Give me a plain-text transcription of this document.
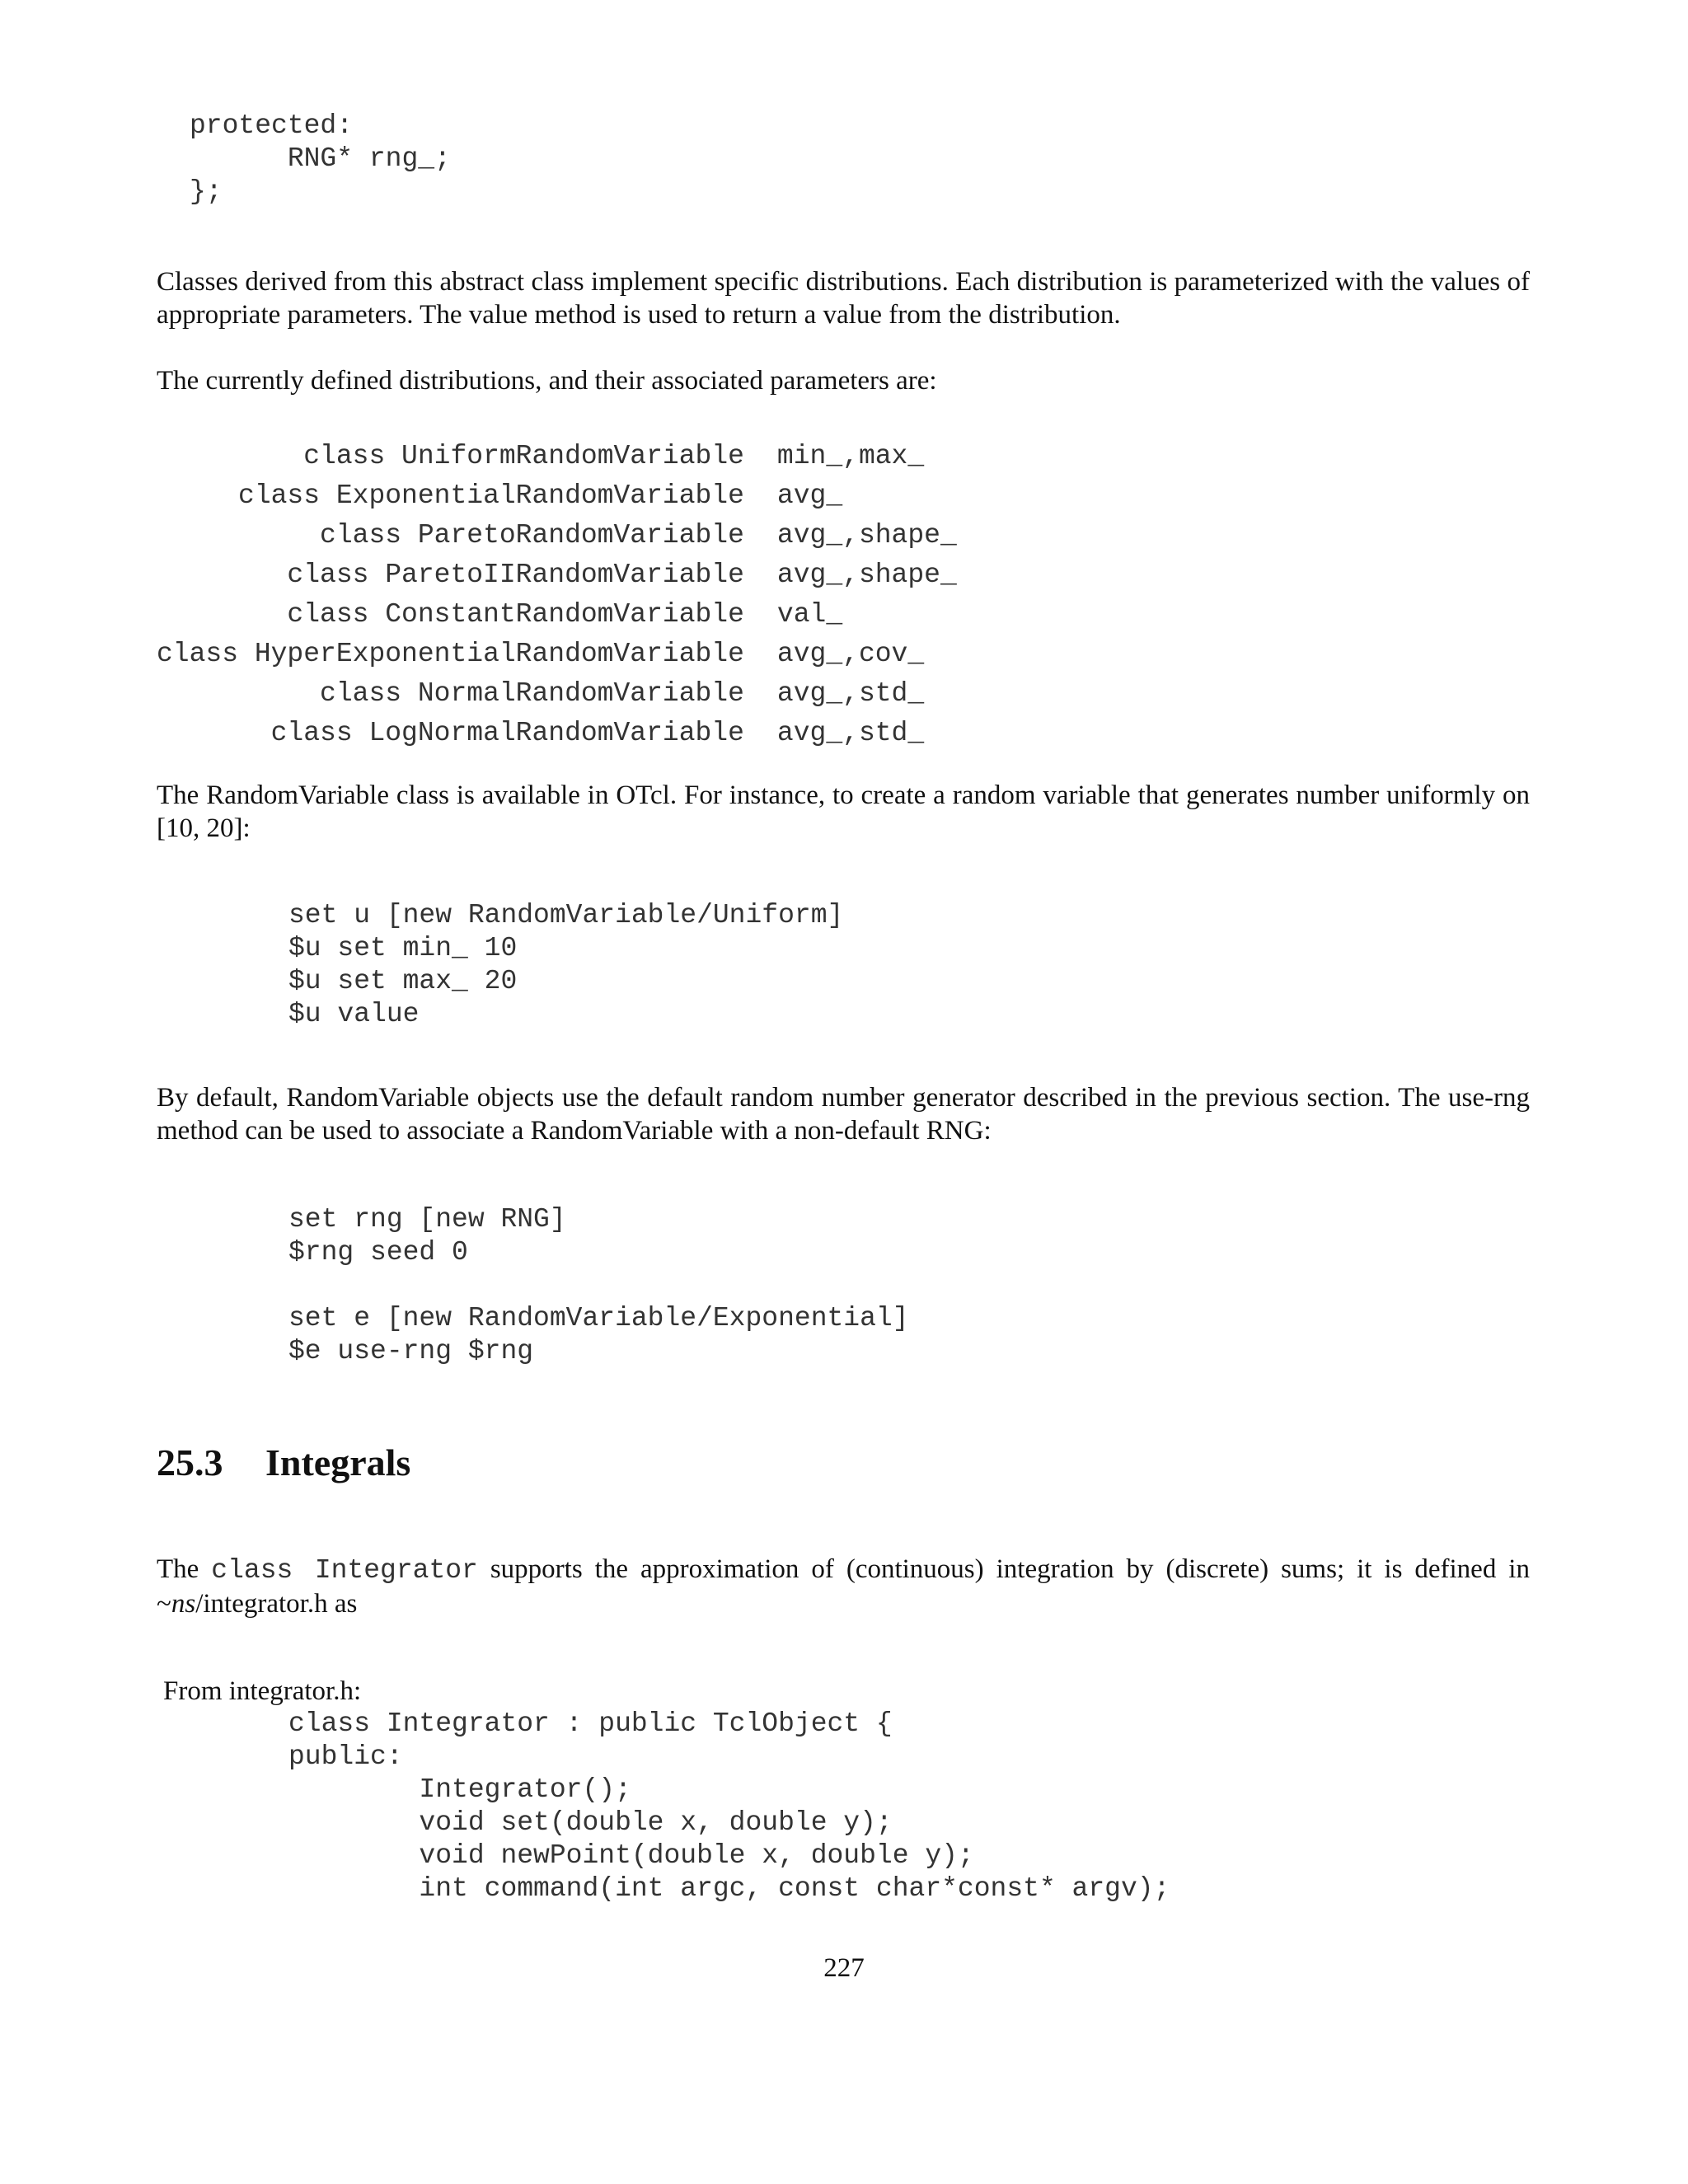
protected:
RNG* rng_;
};

Classes derived from this abstract class implement specific distributions. Each distribution is parameterized with the values of appropriate parameters. The value method is used to return a value from the distribution.

The currently defined distributions, and their associated parameters are:

class UniformRandomVariable	min_,max_
class ExponentialRandomVariable	avg_
class ParetoRandomVariable	avg_,shape_
class ParetoIIRandomVariable	avg_,shape_
class ConstantRandomVariable	val_
class HyperExponentialRandomVariable	avg_,cov_
class NormalRandomVariable	avg_,std_
class LogNormalRandomVariable	avg_,std_

The RandomVariable class is available in OTcl. For instance, to create a random variable that generates number uniformly on [10, 20]:

set u [new RandomVariable/Uniform]
$u set min_ 10
$u set max_ 20
$u value

By default, RandomVariable objects use the default random number generator described in the previous section. The use-rng method can be used to associate a RandomVariable with a non-default RNG:

set rng [new RNG]
$rng seed 0

set e [new RandomVariable/Exponential]
$e use-rng $rng
25.3 Integrals

The class Integrator supports the approximation of (continuous) integration by (discrete) sums; it is defined in ~ns/integrator.h as

From integrator.h:

class Integrator : public TclObject {
public:
Integrator();
void set(double x, double y);
void newPoint(double x, double y);
int command(int argc, const char*const* argv);
227
